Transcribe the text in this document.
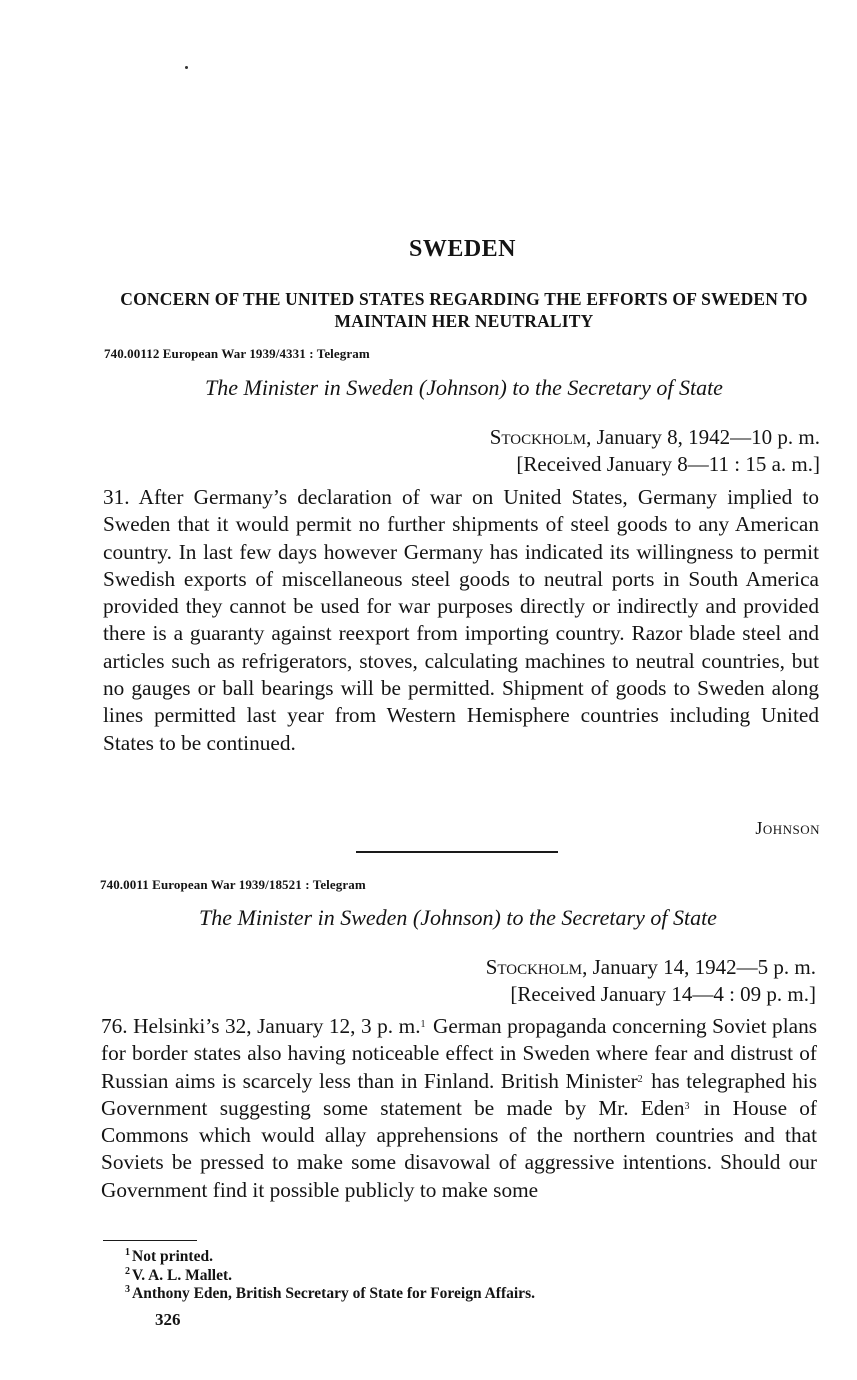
SWEDEN
CONCERN OF THE UNITED STATES REGARDING THE EFFORTS OF SWEDEN TO MAINTAIN HER NEUTRALITY
740.00112 European War 1939/4331 : Telegram
The Minister in Sweden (Johnson) to the Secretary of State
Stockholm, January 8, 1942—10 p. m.
[Received January 8—11 : 15 a. m.]

31. After Germany’s declaration of war on United States, Germany implied to Sweden that it would permit no further shipments of steel goods to any American country. In last few days however Germany has indicated its willingness to permit Swedish exports of miscellaneous steel goods to neutral ports in South America provided they cannot be used for war purposes directly or indirectly and provided there is a guaranty against reexport from importing country. Razor blade steel and articles such as refrigerators, stoves, calculating machines to neutral countries, but no gauges or ball bearings will be permitted. Shipment of goods to Sweden along lines permitted last year from Western Hemisphere countries including United States to be continued.

Johnson
740.0011 European War 1939/18521 : Telegram
The Minister in Sweden (Johnson) to the Secretary of State
Stockholm, January 14, 1942—5 p. m.
[Received January 14—4 : 09 p. m.]

76. Helsinki’s 32, January 12, 3 p. m.$^1$ German propaganda concerning Soviet plans for border states also having noticeable effect in Sweden where fear and distrust of Russian aims is scarcely less than in Finland. British Minister$^2$ has telegraphed his Government suggesting some statement be made by Mr. Eden$^3$ in House of Commons which would allay apprehensions of the northern countries and that Soviets be pressed to make some disavowal of aggressive intentions. Should our Government find it possible publicly to make some

$^1$ Not printed.
$^2$ V. A. L. Mallet.
$^3$ Anthony Eden, British Secretary of State for Foreign Affairs.
326
